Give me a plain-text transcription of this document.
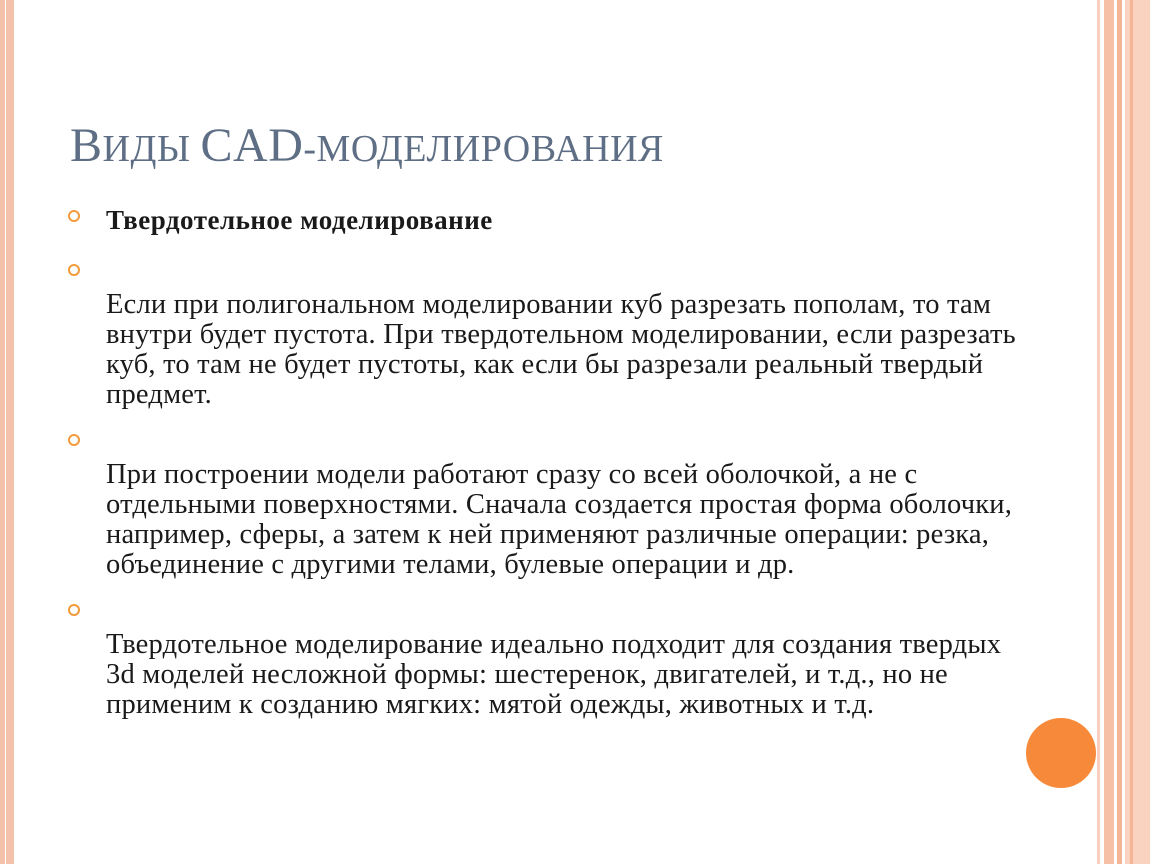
ВИДЫ CAD-МОДЕЛИРОВАНИЯ
Твердотельное моделирование
Если при полигональном моделировании куб разрезать пополам, то там внутри будет пустота. При твердотельном моделировании, если разрезать куб, то там не будет пустоты, как если бы разрезали реальный твердый предмет.
При построении модели работают сразу со всей оболочкой, а не с отдельными поверхностями. Сначала создается простая форма оболочки, например, сферы, а затем к ней применяют различные операции: резка, объединение с другими телами, булевые операции и др.
Твердотельное моделирование идеально подходит для создания твердых 3d моделей несложной формы: шестеренок, двигателей, и т.д., но не применим к созданию мягких: мятой одежды, животных и т.д.
